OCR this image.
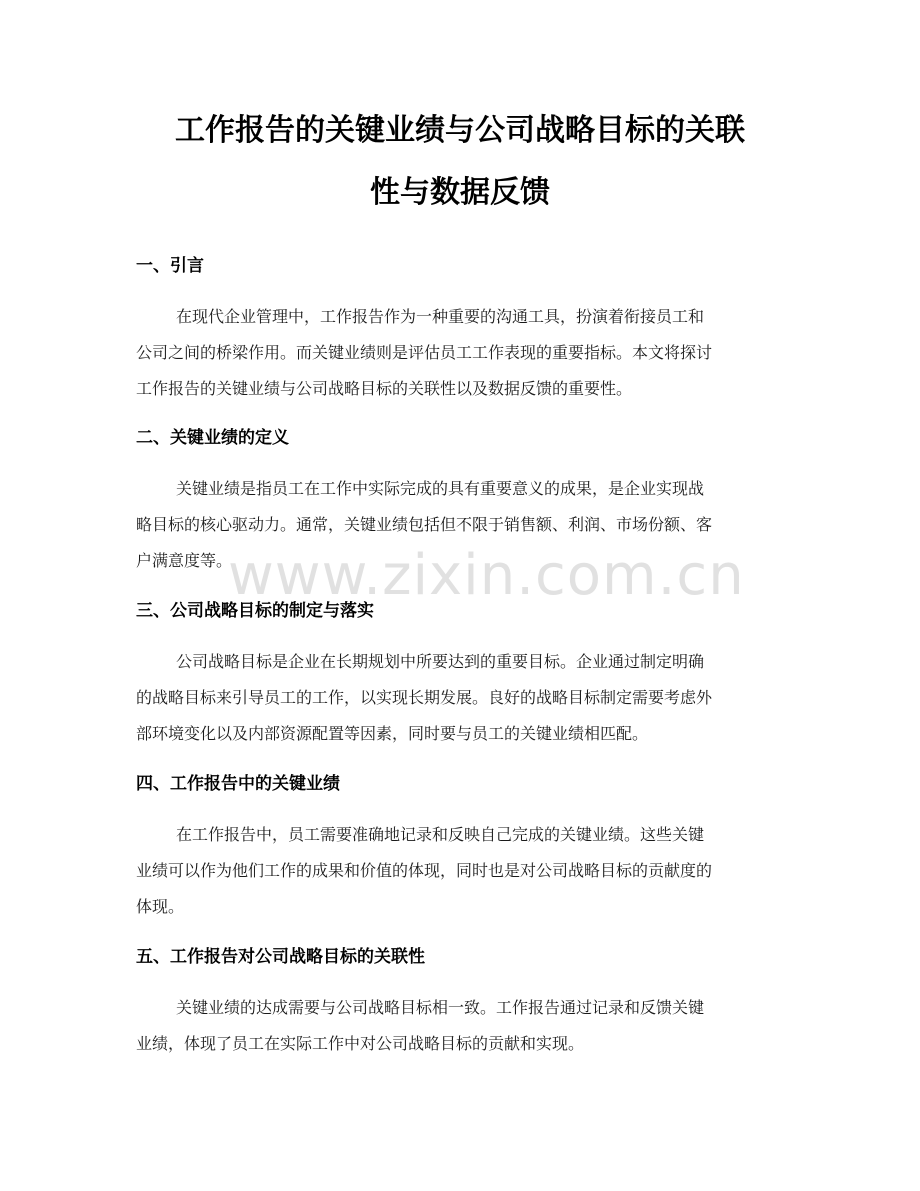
工作报告的关键业绩与公司战略目标的关联
性与数据反馈
一、引言
在现代企业管理中，工作报告作为一种重要的沟通工具，扮演着衔接员工和
公司之间的桥梁作用。而关键业绩则是评估员工工作表现的重要指标。本文将探讨
工作报告的关键业绩与公司战略目标的关联性以及数据反馈的重要性。
二、关键业绩的定义
关键业绩是指员工在工作中实际完成的具有重要意义的成果，是企业实现战
略目标的核心驱动力。通常，关键业绩包括但不限于销售额、利润、市场份额、客
户满意度等。
三、公司战略目标的制定与落实
公司战略目标是企业在长期规划中所要达到的重要目标。企业通过制定明确
的战略目标来引导员工的工作，以实现长期发展。良好的战略目标制定需要考虑外
部环境变化以及内部资源配置等因素，同时要与员工的关键业绩相匹配。
四、工作报告中的关键业绩
在工作报告中，员工需要准确地记录和反映自己完成的关键业绩。这些关键
业绩可以作为他们工作的成果和价值的体现，同时也是对公司战略目标的贡献度的
体现。
五、工作报告对公司战略目标的关联性
关键业绩的达成需要与公司战略目标相一致。工作报告通过记录和反馈关键
业绩，体现了员工在实际工作中对公司战略目标的贡献和实现。
www.zixin.com.cn
